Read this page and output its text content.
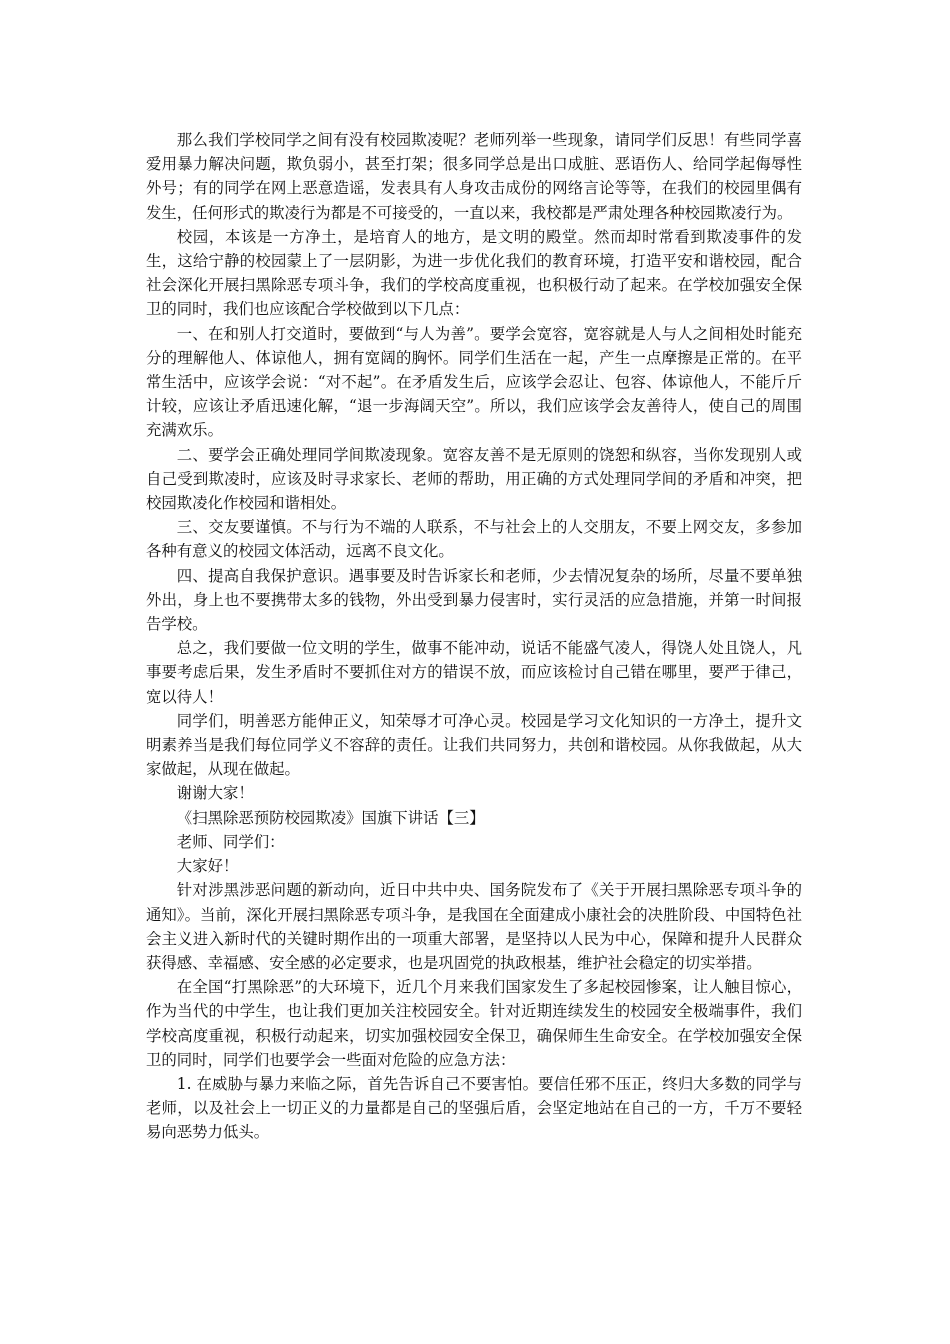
那么我们学校同学之间有没有校园欺凌呢？老师列举一些现象，请同学们反思！有些同学喜爱用暴力解决问题，欺负弱小，甚至打架；很多同学总是出口成脏、恶语伤人、给同学起侮辱性外号；有的同学在网上恶意造谣，发表具有人身攻击成份的网络言论等等，在我们的校园里偶有发生，任何形式的欺凌行为都是不可接受的，一直以来，我校都是严肃处理各种校园欺凌行为。

校园，本该是一方净土，是培育人的地方，是文明的殿堂。然而却时常看到欺凌事件的发生，这给宁静的校园蒙上了一层阴影，为进一步优化我们的教育环境，打造平安和谐校园，配合社会深化开展扫黑除恶专项斗争，我们的学校高度重视，也积极行动了起来。在学校加强安全保卫的同时，我们也应该配合学校做到以下几点：

一、在和别人打交道时，要做到“与人为善”。要学会宽容，宽容就是人与人之间相处时能充分的理解他人、体谅他人，拥有宽阔的胸怀。同学们生活在一起，产生一点摩擦是正常的。在平常生活中，应该学会说：“对不起”。在矛盾发生后，应该学会忍让、包容、体谅他人，不能斤斤计较，应该让矛盾迅速化解，“退一步海阔天空”。所以，我们应该学会友善待人，使自己的周围充满欢乐。

二、要学会正确处理同学间欺凌现象。宽容友善不是无原则的饶恕和纵容，当你发现别人或自己受到欺凌时，应该及时寻求家长、老师的帮助，用正确的方式处理同学间的矛盾和冲突，把校园欺凌化作校园和谐相处。

三、交友要谨慎。不与行为不端的人联系，不与社会上的人交朋友，不要上网交友，多参加各种有意义的校园文体活动，远离不良文化。

四、提高自我保护意识。遇事要及时告诉家长和老师，少去情况复杂的场所，尽量不要单独外出，身上也不要携带太多的钱物，外出受到暴力侵害时，实行灵活的应急措施，并第一时间报告学校。

总之，我们要做一位文明的学生，做事不能冲动，说话不能盛气凌人，得饶人处且饶人，凡事要考虑后果，发生矛盾时不要抓住对方的错误不放，而应该检讨自己错在哪里，要严于律己，宽以待人！

同学们，明善恶方能伸正义，知荣辱才可净心灵。校园是学习文化知识的一方净土，提升文明素养当是我们每位同学义不容辞的责任。让我们共同努力，共创和谐校园。从你我做起，从大家做起，从现在做起。

谢谢大家！

《扫黑除恶预防校园欺凌》国旗下讲话【三】

老师、同学们：

大家好！

针对涉黑涉恶问题的新动向，近日中共中央、国务院发布了《关于开展扫黑除恶专项斗争的通知》。当前，深化开展扫黑除恶专项斗争，是我国在全面建成小康社会的决胜阶段、中国特色社会主义进入新时代的关键时期作出的一项重大部署，是坚持以人民为中心，保障和提升人民群众获得感、幸福感、安全感的必定要求，也是巩固党的执政根基，维护社会稳定的切实举措。

在全国“打黑除恶”的大环境下，近几个月来我们国家发生了多起校园惨案，让人触目惊心，作为当代的中学生，也让我们更加关注校园安全。针对近期连续发生的校园安全极端事件，我们学校高度重视，积极行动起来，切实加强校园安全保卫，确保师生生命安全。在学校加强安全保卫的同时，同学们也要学会一些面对危险的应急方法：

1. 在威胁与暴力来临之际，首先告诉自己不要害怕。要信任邪不压正，终归大多数的同学与老师，以及社会上一切正义的力量都是自己的坚强后盾，会坚定地站在自己的一方，千万不要轻易向恶势力低头。
